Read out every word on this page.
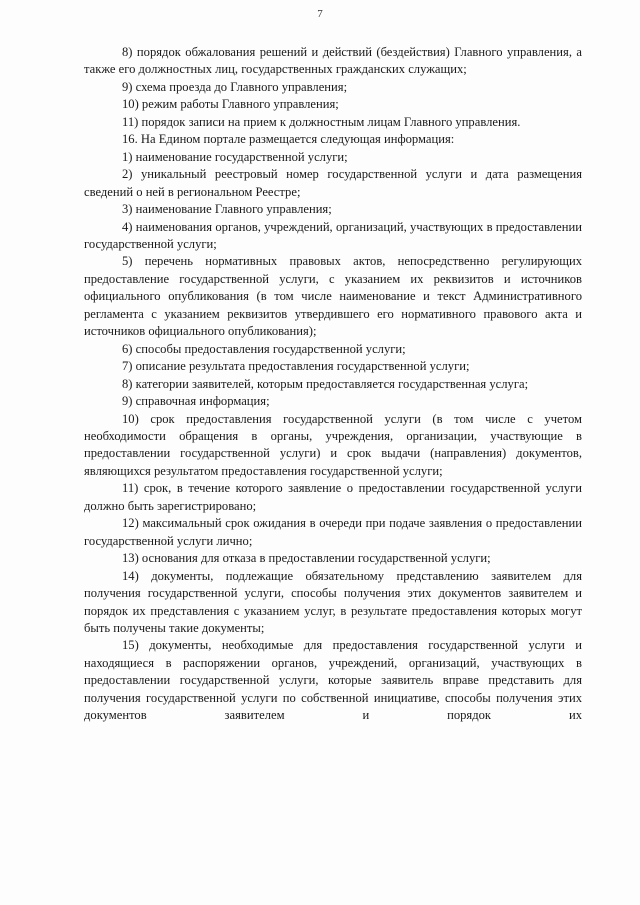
7

8) порядок обжалования решений и действий (бездействия) Главного управления, а также его должностных лиц, государственных гражданских служащих;

9) схема проезда до Главного управления;

10) режим работы Главного управления;

11) порядок записи на прием к должностным лицам Главного управления.

16. На Едином портале размещается следующая информация:

1) наименование государственной услуги;

2) уникальный реестровый номер государственной услуги и дата размещения сведений о ней в региональном Реестре;

3) наименование Главного управления;

4) наименования органов, учреждений, организаций, участвующих в предоставлении государственной услуги;

5) перечень нормативных правовых актов, непосредственно регулирующих предоставление государственной услуги, с указанием их реквизитов и источников официального опубликования (в том числе наименование и текст Административного регламента с указанием реквизитов утвердившего его нормативного правового акта и источников официального опубликования);

6) способы предоставления государственной услуги;

7) описание результата предоставления государственной услуги;

8) категории заявителей, которым предоставляется государственная услуга;

9) справочная информация;

10) срок предоставления государственной услуги (в том числе с учетом необходимости обращения в органы, учреждения, организации, участвующие в предоставлении государственной услуги) и срок выдачи (направления) документов, являющихся результатом предоставления государственной услуги;

11) срок, в течение которого заявление о предоставлении государственной услуги должно быть зарегистрировано;

12) максимальный срок ожидания в очереди при подаче заявления о предоставлении государственной услуги лично;

13) основания для отказа в предоставлении государственной услуги;

14) документы, подлежащие обязательному представлению заявителем для получения государственной услуги, способы получения этих документов заявителем и порядок их представления с указанием услуг, в результате предоставления которых могут быть получены такие документы;

15) документы, необходимые для предоставления государственной услуги и находящиеся в распоряжении органов, учреждений, организаций, участвующих в предоставлении государственной услуги, которые заявитель вправе представить для получения государственной услуги по собственной инициативе, способы получения этих документов заявителем и порядок их
